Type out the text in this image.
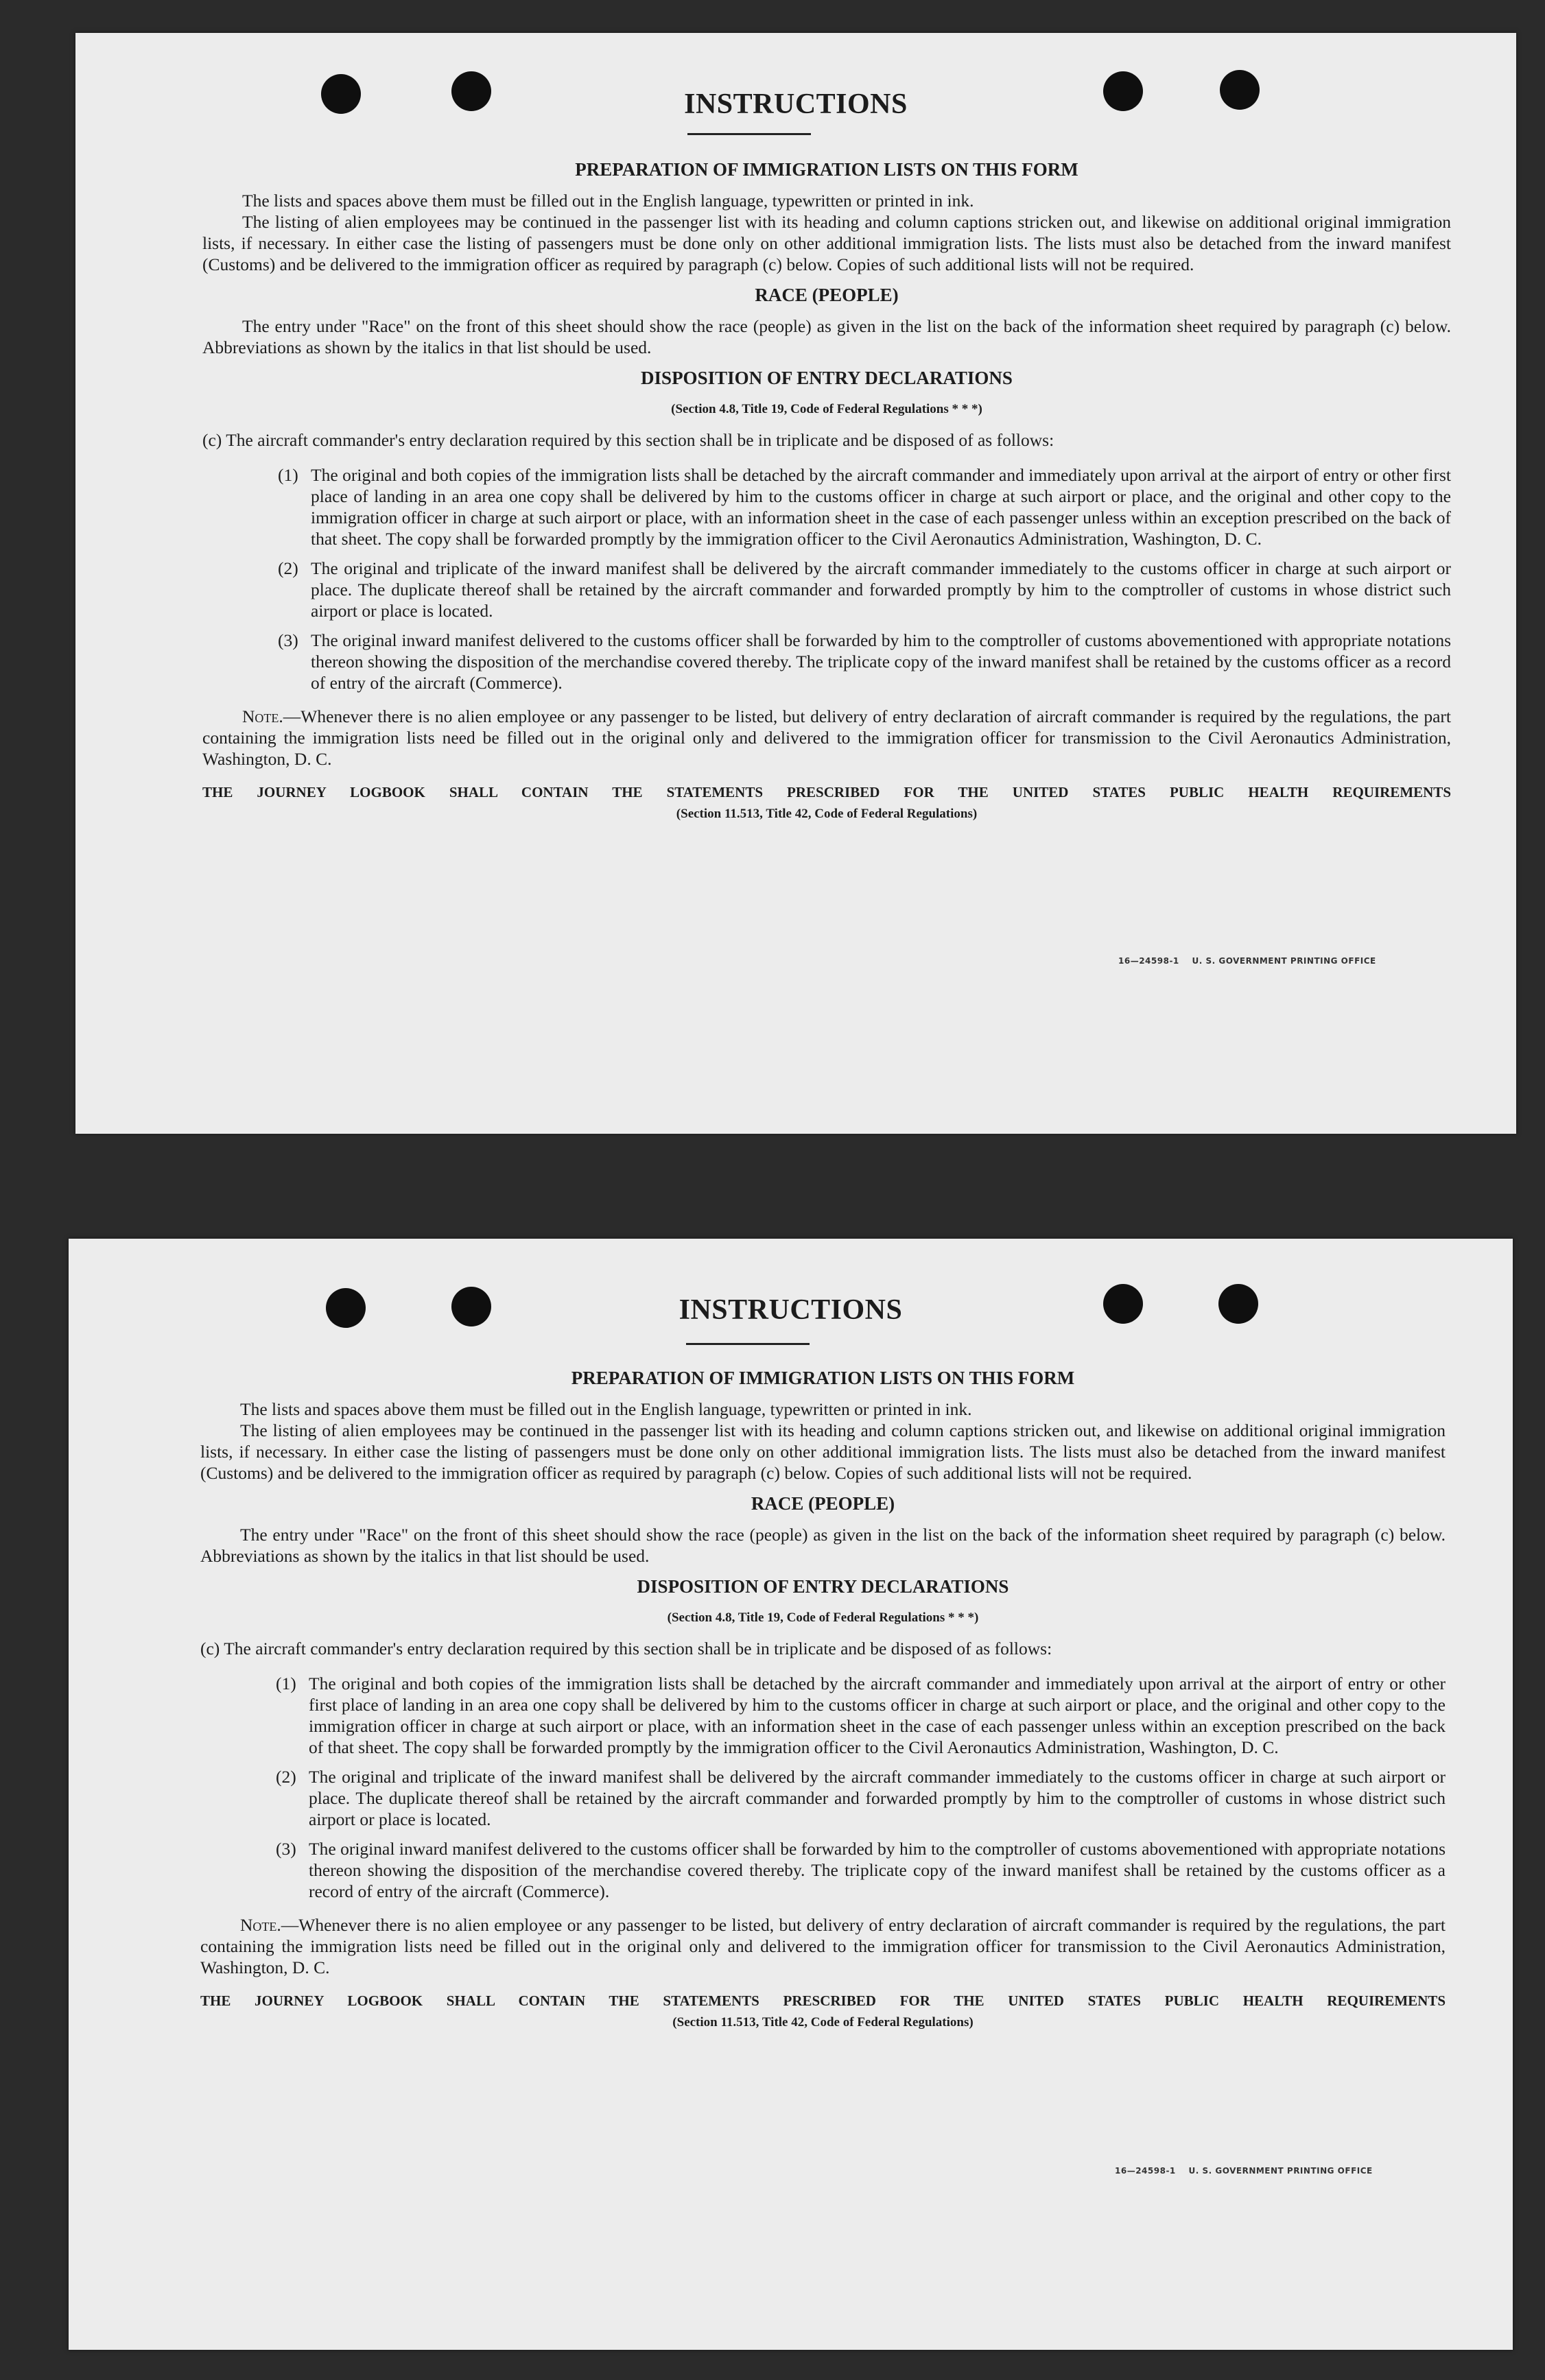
INSTRUCTIONS

PREPARATION OF IMMIGRATION LISTS ON THIS FORM

The lists and spaces above them must be filled out in the English language, typewritten or printed in ink.

The listing of alien employees may be continued in the passenger list with its heading and column captions stricken out, and likewise on additional original immigration lists, if necessary. In either case the listing of passengers must be done only on other additional immigration lists. The lists must also be detached from the inward manifest (Customs) and be delivered to the immigration officer as required by paragraph (c) below. Copies of such additional lists will not be required.

RACE (PEOPLE)

The entry under "Race" on the front of this sheet should show the race (people) as given in the list on the back of the information sheet required by paragraph (c) below. Abbreviations as shown by the italics in that list should be used.

DISPOSITION OF ENTRY DECLARATIONS

(Section 4.8, Title 19, Code of Federal Regulations * * *)

(c) The aircraft commander's entry declaration required by this section shall be in triplicate and be disposed of as follows:

(1) The original and both copies of the immigration lists shall be detached by the aircraft commander and immediately upon arrival at the airport of entry or other first place of landing in an area one copy shall be delivered by him to the customs officer in charge at such airport or place, and the original and other copy to the immigration officer in charge at such airport or place, with an information sheet in the case of each passenger unless within an exception prescribed on the back of that sheet. The copy shall be forwarded promptly by the immigration officer to the Civil Aeronautics Administration, Washington, D. C.

(2) The original and triplicate of the inward manifest shall be delivered by the aircraft commander immediately to the customs officer in charge at such airport or place. The duplicate thereof shall be retained by the aircraft commander and forwarded promptly by him to the comptroller of customs in whose district such airport or place is located.

(3) The original inward manifest delivered to the customs officer shall be forwarded by him to the comptroller of customs abovementioned with appropriate notations thereon showing the disposition of the merchandise covered thereby. The triplicate copy of the inward manifest shall be retained by the customs officer as a record of entry of the aircraft (Commerce).

Note.—Whenever there is no alien employee or any passenger to be listed, but delivery of entry declaration of aircraft commander is required by the regulations, the part containing the immigration lists need be filled out in the original only and delivered to the immigration officer for transmission to the Civil Aeronautics Administration, Washington, D. C.

THE JOURNEY LOGBOOK SHALL CONTAIN THE STATEMENTS PRESCRIBED FOR THE UNITED STATES PUBLIC HEALTH REQUIREMENTS

(Section 11.513, Title 42, Code of Federal Regulations)

16—24598-1 U. S. GOVERNMENT PRINTING OFFICE
INSTRUCTIONS

PREPARATION OF IMMIGRATION LISTS ON THIS FORM

The lists and spaces above them must be filled out in the English language, typewritten or printed in ink.

The listing of alien employees may be continued in the passenger list with its heading and column captions stricken out, and likewise on additional original immigration lists, if necessary. In either case the listing of passengers must be done only on other additional immigration lists. The lists must also be detached from the inward manifest (Customs) and be delivered to the immigration officer as required by paragraph (c) below. Copies of such additional lists will not be required.

RACE (PEOPLE)

The entry under "Race" on the front of this sheet should show the race (people) as given in the list on the back of the information sheet required by paragraph (c) below. Abbreviations as shown by the italics in that list should be used.

DISPOSITION OF ENTRY DECLARATIONS

(Section 4.8, Title 19, Code of Federal Regulations * * *)

(c) The aircraft commander's entry declaration required by this section shall be in triplicate and be disposed of as follows:

(1) The original and both copies of the immigration lists shall be detached by the aircraft commander and immediately upon arrival at the airport of entry or other first place of landing in an area one copy shall be delivered by him to the customs officer in charge at such airport or place, and the original and other copy to the immigration officer in charge at such airport or place, with an information sheet in the case of each passenger unless within an exception prescribed on the back of that sheet. The copy shall be forwarded promptly by the immigration officer to the Civil Aeronautics Administration, Washington, D. C.

(2) The original and triplicate of the inward manifest shall be delivered by the aircraft commander immediately to the customs officer in charge at such airport or place. The duplicate thereof shall be retained by the aircraft commander and forwarded promptly by him to the comptroller of customs in whose district such airport or place is located.

(3) The original inward manifest delivered to the customs officer shall be forwarded by him to the comptroller of customs abovementioned with appropriate notations thereon showing the disposition of the merchandise covered thereby. The triplicate copy of the inward manifest shall be retained by the customs officer as a record of entry of the aircraft (Commerce).

Note.—Whenever there is no alien employee or any passenger to be listed, but delivery of entry declaration of aircraft commander is required by the regulations, the part containing the immigration lists need be filled out in the original only and delivered to the immigration officer for transmission to the Civil Aeronautics Administration, Washington, D. C.

THE JOURNEY LOGBOOK SHALL CONTAIN THE STATEMENTS PRESCRIBED FOR THE UNITED STATES PUBLIC HEALTH REQUIREMENTS

(Section 11.513, Title 42, Code of Federal Regulations)

16—24598-1 U. S. GOVERNMENT PRINTING OFFICE
